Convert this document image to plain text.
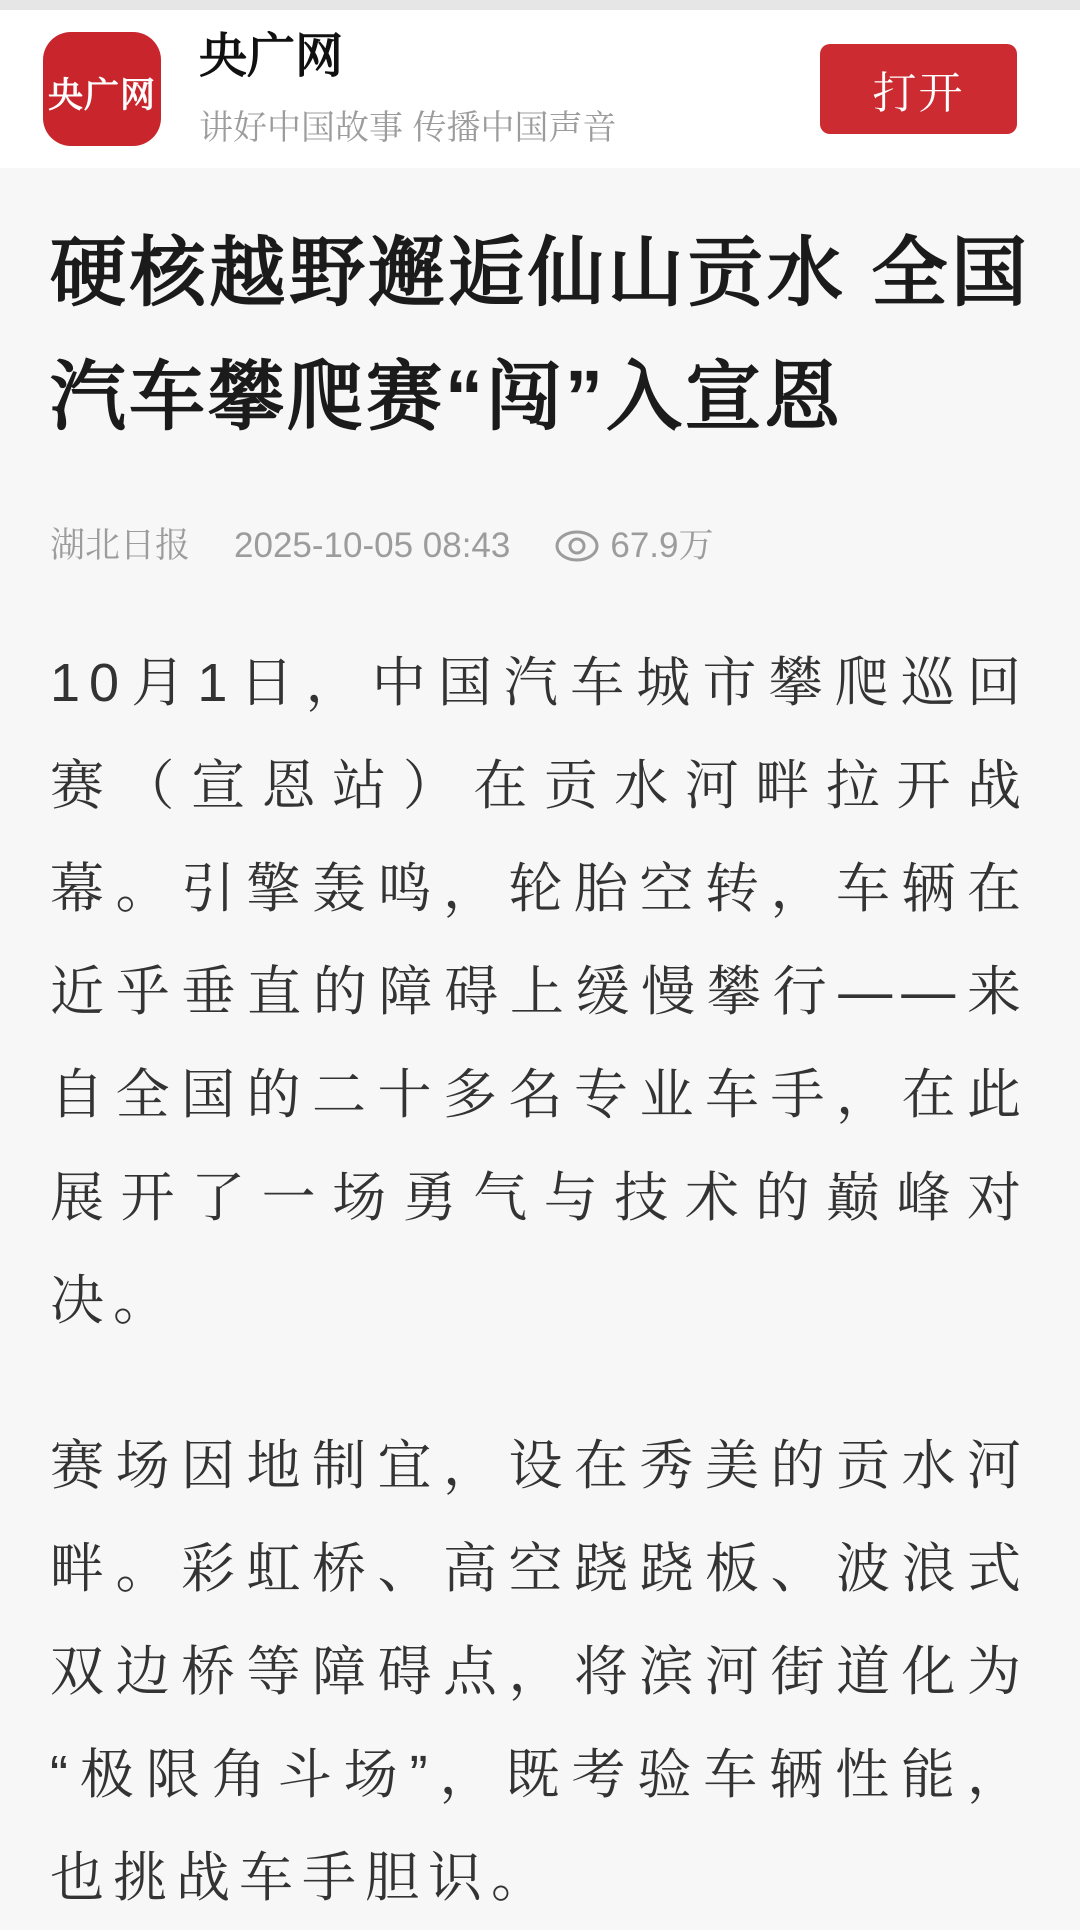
央广网
央广网
讲好中国故事 传播中国声音
打开
硬核越野邂逅仙山贡水 全国汽车攀爬赛“闯”入宣恩
湖北日报 2025-10-05 08:43	67.9万

10月1日，中国汽车城市攀爬巡回赛（宣恩站）在贡水河畔拉开战幕。引擎轰鸣，轮胎空转，车辆在近乎垂直的障碍上缓慢攀行——来自全国的二十多名专业车手，在此展开了一场勇气与技术的巅峰对决。

赛场因地制宜，设在秀美的贡水河畔。彩虹桥、高空跷跷板、波浪式双边桥等障碍点，将滨河街道化为“极限角斗场”，既考验车辆性能，也挑战车手胆识。
